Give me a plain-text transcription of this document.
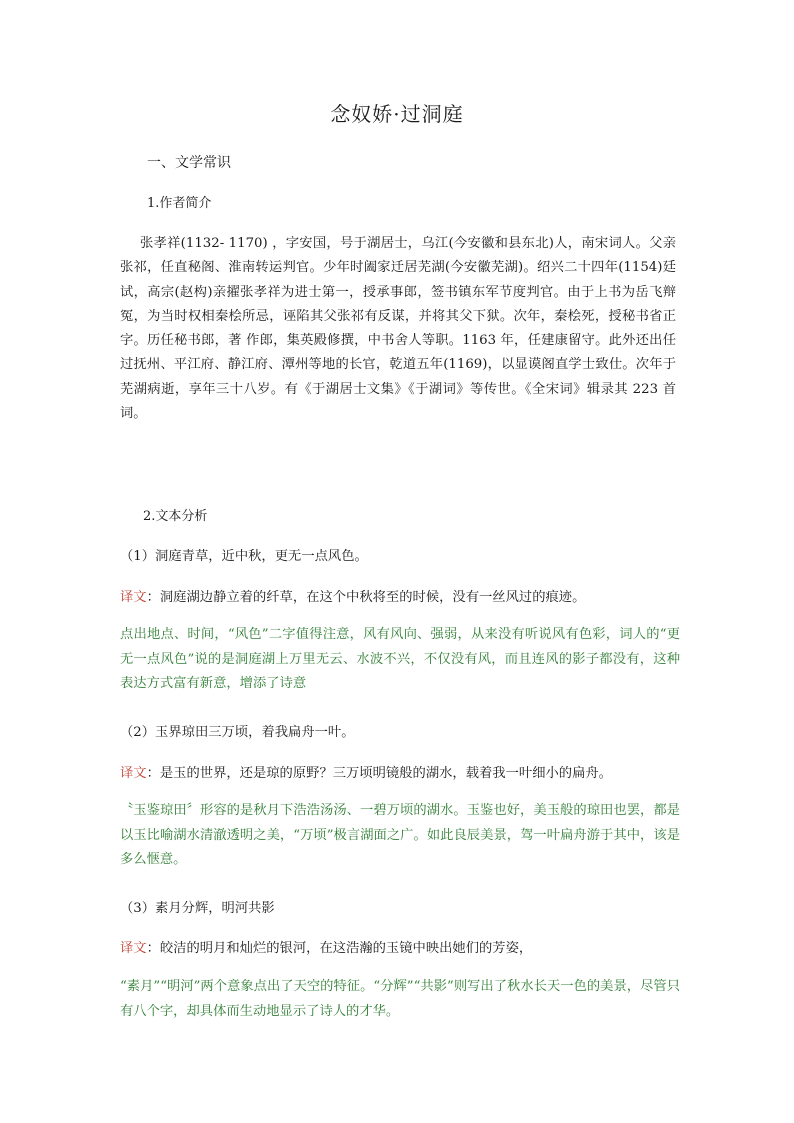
念奴娇·过洞庭
一、文学常识
1.作者简介
张孝祥(1132- 1170) ，字安国，号于湖居士，乌江(今安徽和县东北)人，南宋词人。父亲张祁，任直秘阁、淮南转运判官。少年时阖家迁居芜湖(今安徽芜湖)。绍兴二十四年(1154)廷试，高宗(赵构)亲擢张孝祥为进士第一，授承事郎，签书镇东军节度判官。由于上书为岳飞辩冤，为当时权相秦桧所忌，诬陷其父张祁有反谋，并将其父下狱。次年，秦桧死，授秘书省正字。历任秘书郎，著 作郎，集英殿修撰，中书舍人等职。1163 年，任建康留守。此外还出任过抚州、平江府、静江府、潭州等地的长官，乾道五年(1169)，以显谟阁直学士致仕。次年于芜湖病逝，享年三十八岁。有《于湖居士文集》《于湖词》等传世。《全宋词》辑录其 223 首词。
2.文本分析
（1）洞庭青草，近中秋，更无一点风色。
译文：洞庭湖边静立着的纤草，在这个中秋将至的时候，没有一丝风过的痕迹。
点出地点、时间，“风色”二字值得注意，风有风向、强弱，从来没有听说风有色彩，词人的“更无一点风色”说的是洞庭湖上万里无云、水波不兴，不仅没有风，而且连风的影子都没有，这种表达方式富有新意，增添了诗意
（2）玉界琼田三万顷，着我扁舟一叶。
译文：是玉的世界，还是琼的原野？三万顷明镜般的湖水，载着我一叶细小的扁舟。
〝玉鉴琼田〞形容的是秋月下浩浩汤汤、一碧万顷的湖水。玉鉴也好，美玉般的琼田也罢，都是以玉比喻湖水清澈透明之美，“万顷”极言湖面之广。如此良辰美景，驾一叶扁舟游于其中，该是多么惬意。
（3）素月分辉，明河共影
译文：皎洁的明月和灿烂的银河，在这浩瀚的玉镜中映出她们的芳姿，
“素月”“明河”两个意象点出了天空的特征。“分辉”“共影”则写出了秋水长天一色的美景，尽管只有八个字，却具体而生动地显示了诗人的才华。
